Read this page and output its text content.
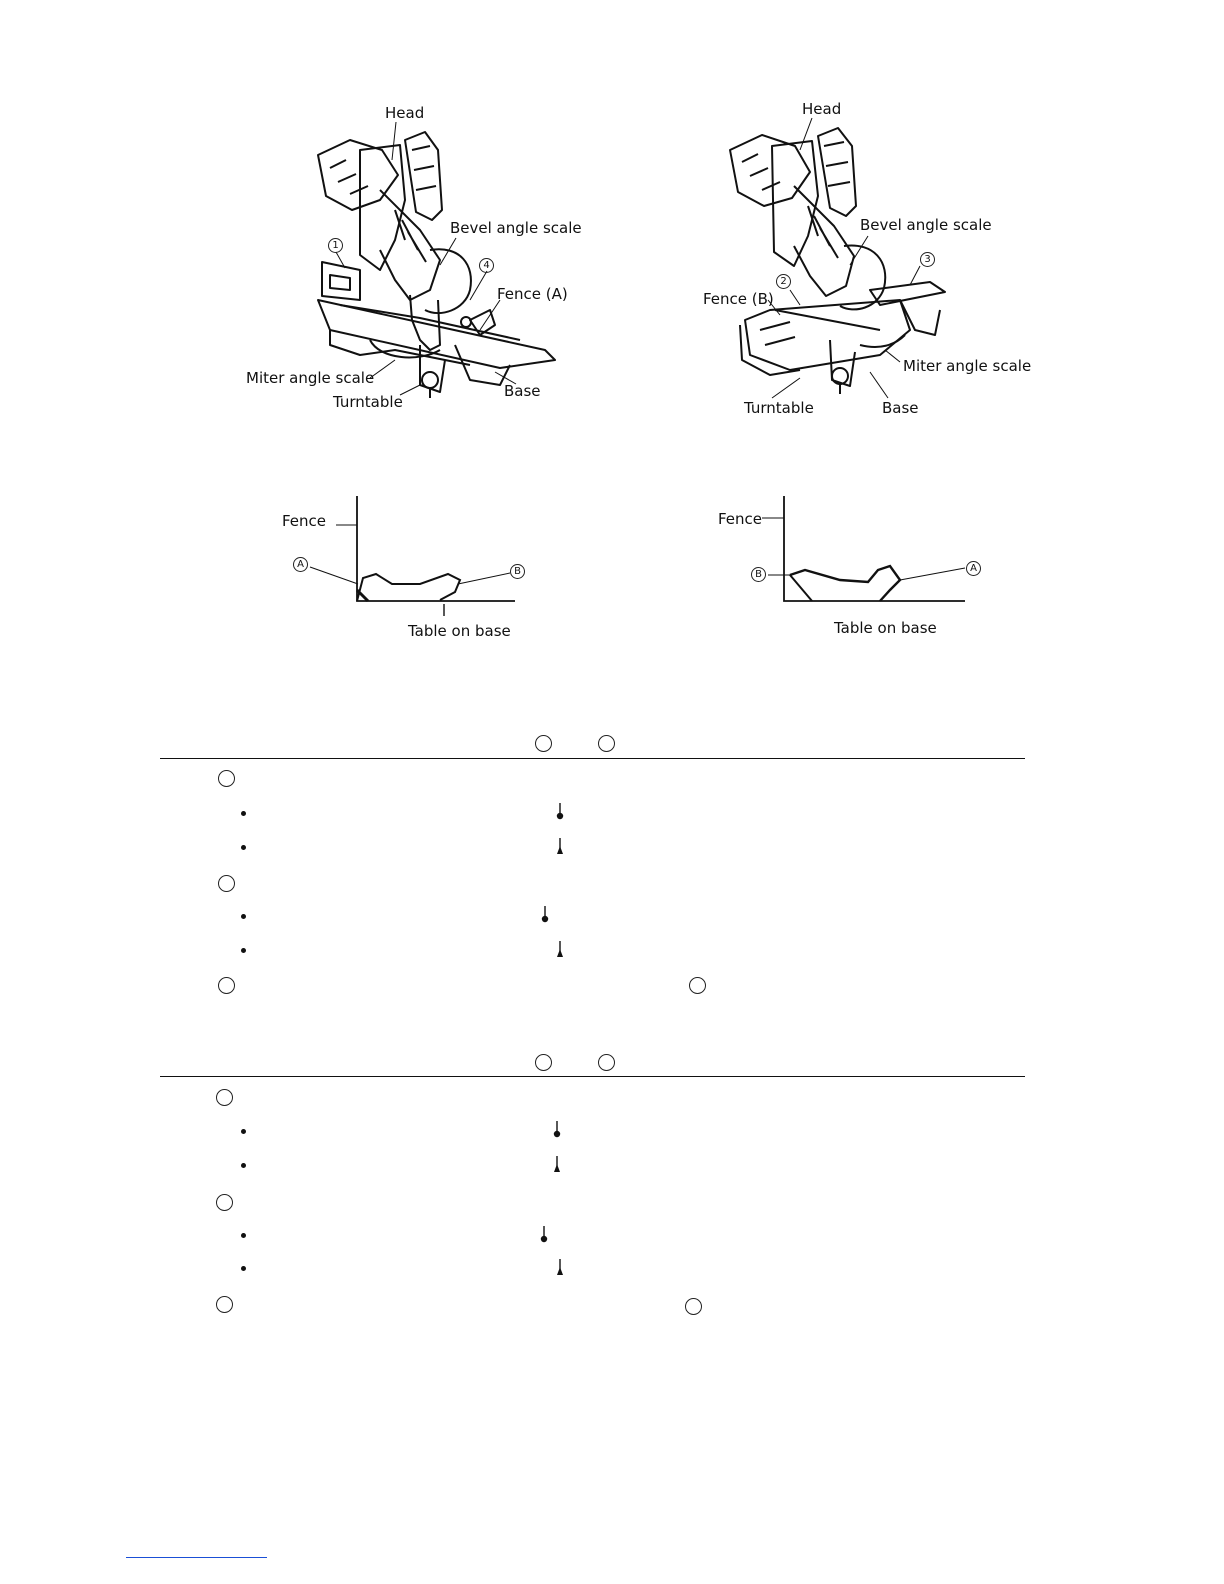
Head
Bevel angle scale
Fence (A)
Miter angle scale
Turntable
Base
1
4
Head
Bevel angle scale
Fence (B)
Miter angle scale
Turntable	Base
2
3
Fence
A
B
Table on base
Fence
B
A
Table on base
